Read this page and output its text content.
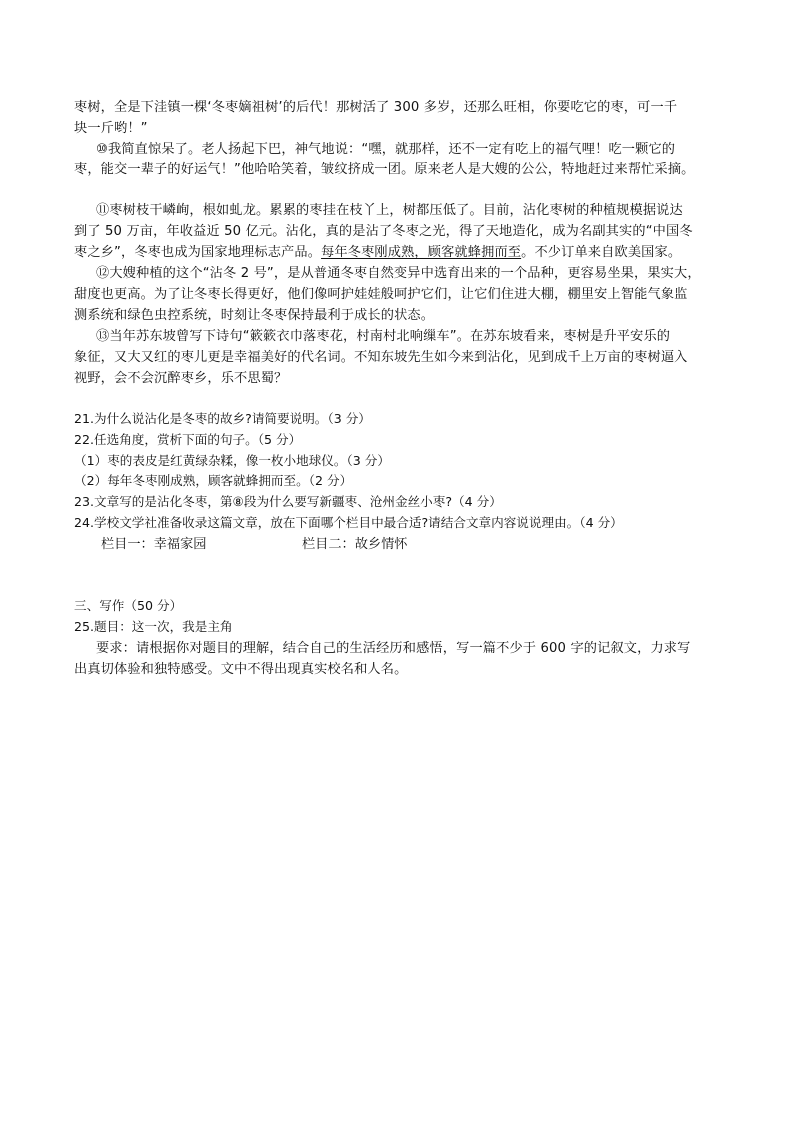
枣树，全是下洼镇一棵‘冬枣嫡祖树’的后代！那树活了 300 多岁，还那么旺相，你要吃它的枣，可一千
块一斤哟！”
⑩我简直惊呆了。老人扬起下巴，神气地说：“嘿，就那样，还不一定有吃上的福气哩！吃一颗它的
枣，能交一辈子的好运气！”他哈哈笑着，皱纹挤成一团。原来老人是大嫂的公公，特地赶过来帮忙采摘。
⑪枣树枝干嶙峋，根如虬龙。累累的枣挂在枝丫上，树都压低了。目前，沾化枣树的种植规模据说达
到了 50 万亩，年收益近 50 亿元。沾化，真的是沾了冬枣之光，得了天地造化，成为名副其实的“中国冬
枣之乡”，冬枣也成为国家地理标志产品。每年冬枣刚成熟，顾客就蜂拥而至。不少订单来自欧美国家。
⑫大嫂种植的这个“沾冬 2 号”，是从普通冬枣自然变异中选育出来的一个品种，更容易坐果，果实大，
甜度也更高。为了让冬枣长得更好，他们像呵护娃娃般呵护它们，让它们住进大棚，棚里安上智能气象监
测系统和绿色虫控系统，时刻让冬枣保持最利于成长的状态。
⑬当年苏东坡曾写下诗句“簌簌衣巾落枣花，村南村北响缫车”。在苏东坡看来，枣树是升平安乐的
象征，又大又红的枣儿更是幸福美好的代名词。不知东坡先生如今来到沾化，见到成千上万亩的枣树逼入
视野，会不会沉醉枣乡，乐不思蜀？
21.为什么说沾化是冬枣的故乡?请简要说明。（3 分）
22.任选角度，赏析下面的句子。（5 分）
（1）枣的表皮是红黄绿杂糅，像一枚小地球仪。（3 分）
（2）每年冬枣刚成熟，顾客就蜂拥而至。（2 分）
23.文章写的是沾化冬枣，第⑧段为什么要写新疆枣、沧州金丝小枣?（4 分）
24.学校文学社准备收录这篇文章，放在下面哪个栏目中最合适?请结合文章内容说说理由。（4 分）
栏目一：幸福家园	栏目二：故乡情怀
三、写作（50 分）
25.题目：这一次，我是主角
要求：请根据你对题目的理解，结合自己的生活经历和感悟，写一篇不少于 600 字的记叙文，力求写
出真切体验和独特感受。文中不得出现真实校名和人名。
